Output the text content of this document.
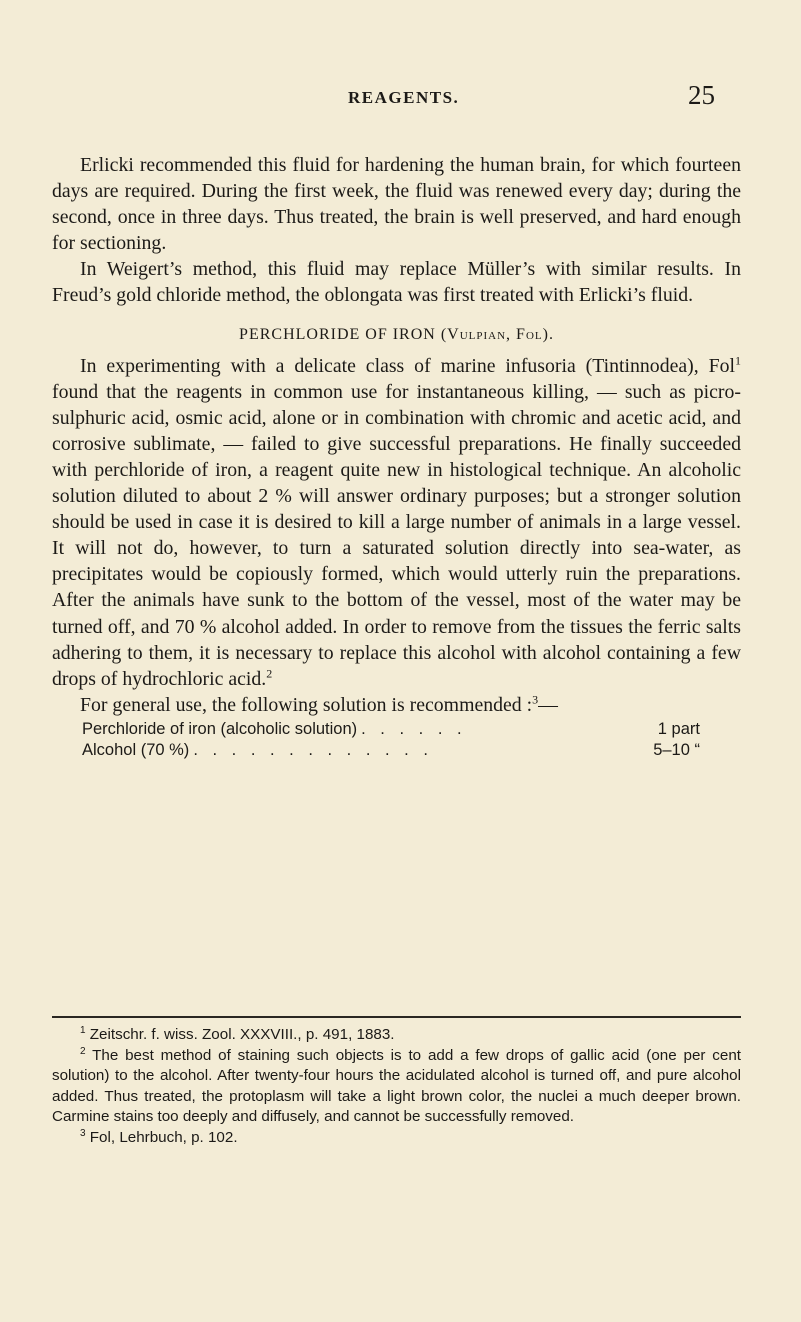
REAGENTS.	25

Erlicki recommended this fluid for hardening the human brain, for which fourteen days are required. During the first week, the fluid was renewed every day; during the second, once in three days. Thus treated, the brain is well preserved, and hard enough for sectioning.

In Weigert’s method, this fluid may replace Müller’s with similar results. In Freud’s gold chloride method, the oblongata was first treated with Erlicki’s fluid.

PERCHLORIDE OF IRON (Vulpian, Fol).

In experimenting with a delicate class of marine infusoria (Tintinnodea), Fol$^1$ found that the reagents in common use for instantaneous killing, — such as picro-sulphuric acid, osmic acid, alone or in combination with chromic and acetic acid, and corrosive sublimate, — failed to give successful preparations. He finally succeeded with perchloride of iron, a reagent quite new in histological technique. An alcoholic solution diluted to about 2 % will answer ordinary purposes; but a stronger solution should be used in case it is desired to kill a large number of animals in a large vessel. It will not do, however, to turn a saturated solution directly into sea-water, as precipitates would be copiously formed, which would utterly ruin the preparations. After the animals have sunk to the bottom of the vessel, most of the water may be turned off, and 70 % alcohol added. In order to remove from the tissues the ferric salts adhering to them, it is necessary to replace this alcohol with alcohol containing a few drops of hydrochloric acid.$^2$

For general use, the following solution is recommended :$^3$—

Perchloride of iron (alcoholic solution) . . . . . .	1 part
Alcohol (70 %) . . . . . . . . . . . . .	5–10 “

$^1$ Zeitschr. f. wiss. Zool. XXXVIII., p. 491, 1883.

$^2$ The best method of staining such objects is to add a few drops of gallic acid (one per cent solution) to the alcohol. After twenty-four hours the acidulated alcohol is turned off, and pure alcohol added. Thus treated, the protoplasm will take a light brown color, the nuclei a much deeper brown. Carmine stains too deeply and diffusely, and cannot be successfully removed.

$^3$ Fol, Lehrbuch, p. 102.
